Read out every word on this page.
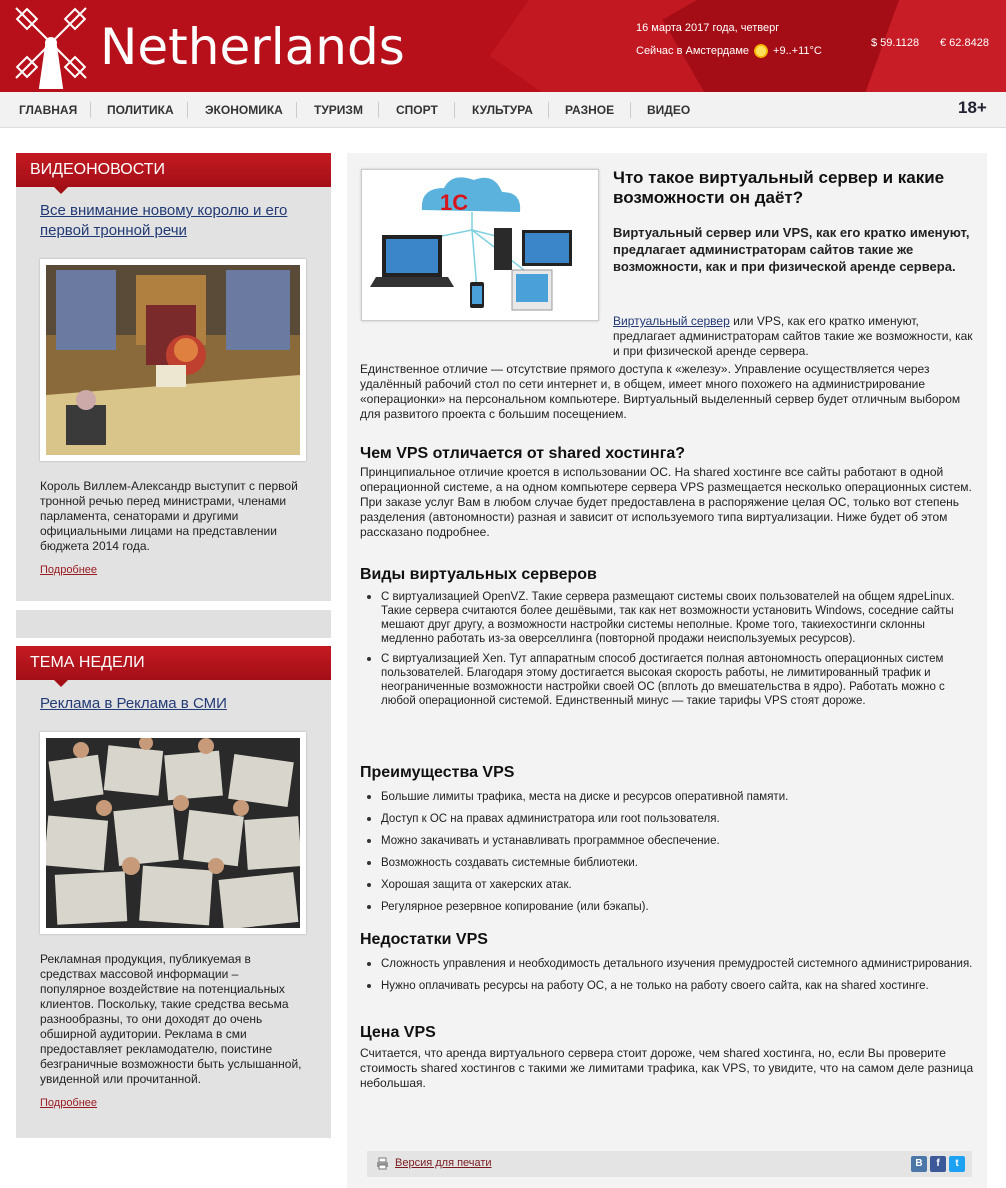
Netherlands	16 марта 2017 года, четверг
Сейчас в Амстердаме +9..+11°C
$ 59.1128 € 62.8428
ГЛАВНАЯ ПОЛИТИКА	ЭКОНОМИКА	ТУРИЗМ	СПОРТ	КУЛЬТУРА	РАЗНОЕ	ВИДЕО	18+
ВИДЕОНОВОСТИ
Все внимание новому королю и его первой тронной речи
Король Виллем-Александр выступит с первой тронной речью перед министрами, членами парламента, сенаторами и другими официальными лицами на представлении бюджета 2014 года.
Подробнее
ТЕМА НЕДЕЛИ
Реклама в Реклама в СМИ
Рекламная продукция, публикуемая в средствах массовой информации – популярное воздействие на потенциальных клиентов. Поскольку, такие средства весьма разнообразны, то они доходят до очень обширной аудитории. Реклама в сми предоставляет рекламодателю, поистине безграничные возможности быть услышанной, увиденной или прочитанной.
Подробнее
1С
Что такое виртуальный сервер и какие возможности он даёт?
Виртуальный сервер или VPS, как его кратко именуют, предлагает администраторам сайтов такие же возможности, как и при физической аренде сервера.
Виртуальный сервер или VPS, как его кратко именуют, предлагает администраторам сайтов такие же возможности, как и при физической аренде сервера.
Единственное отличие — отсутствие прямого доступа к «железу». Управление осуществляется через удалённый рабочий стол по сети интернет и, в общем, имеет много похожего на администрирование «операционки» на персональном компьютере. Виртуальный выделенный сервер будет отличным выбором для развитого проекта с большим посещением.
Чем VPS отличается от shared хостинга?
Принципиальное отличие кроется в использовании ОС. На shared хостинге все сайты работают в одной операционной системе, а на одном компьютере сервера VPS размещается несколько операционных систем. При заказе услуг Вам в любом случае будет предоставлена в распоряжение целая ОС, только вот степень разделения (автономности) разная и зависит от используемого типа виртуализации. Ниже будет об этом рассказано подробнее.
Виды виртуальных серверов
С виртуализацией OpenVZ. Такие сервера размещают системы своих пользователей на общем ядреLinux. Такие сервера считаются более дешёвыми, так как нет возможности установить Windows, соседние сайты мешают друг другу, а возможности настройки системы неполные. Кроме того, такиехостинги склонны медленно работать из-за оверселлинга (повторной продажи неиспользуемых ресурсов).
С виртуализацией Xen. Тут аппаратным способ достигается полная автономность операционных систем пользователей. Благодаря этому достигается высокая скорость работы, не лимитированный трафик и неограниченные возможности настройки своей ОС (вплоть до вмешательства в ядро). Работать можно с любой операционной системой. Единственный минус — такие тарифы VPS стоят дороже.
Преимущества VPS
Большие лимиты трафика, места на диске и ресурсов оперативной памяти.
Доступ к ОС на правах администратора или root пользователя.
Можно закачивать и устанавливать программное обеспечение.
Возможность создавать системные библиотеки.
Хорошая защита от хакерских атак.
Регулярное резервное копирование (или бэкапы).
Недостатки VPS
Сложность управления и необходимость детального изучения премудростей системного администрирования.
Нужно оплачивать ресурсы на работу ОС, а не только на работу своего сайта, как на shared хостинге.
Цена VPS
Считается, что аренда виртуального сервера стоит дороже, чем shared хостинга, но, если Вы проверите стоимость shared хостингов с такими же лимитами трафика, как VPS, то увидите, что на самом деле разница небольшая.
Версия для печати	В	f	t
